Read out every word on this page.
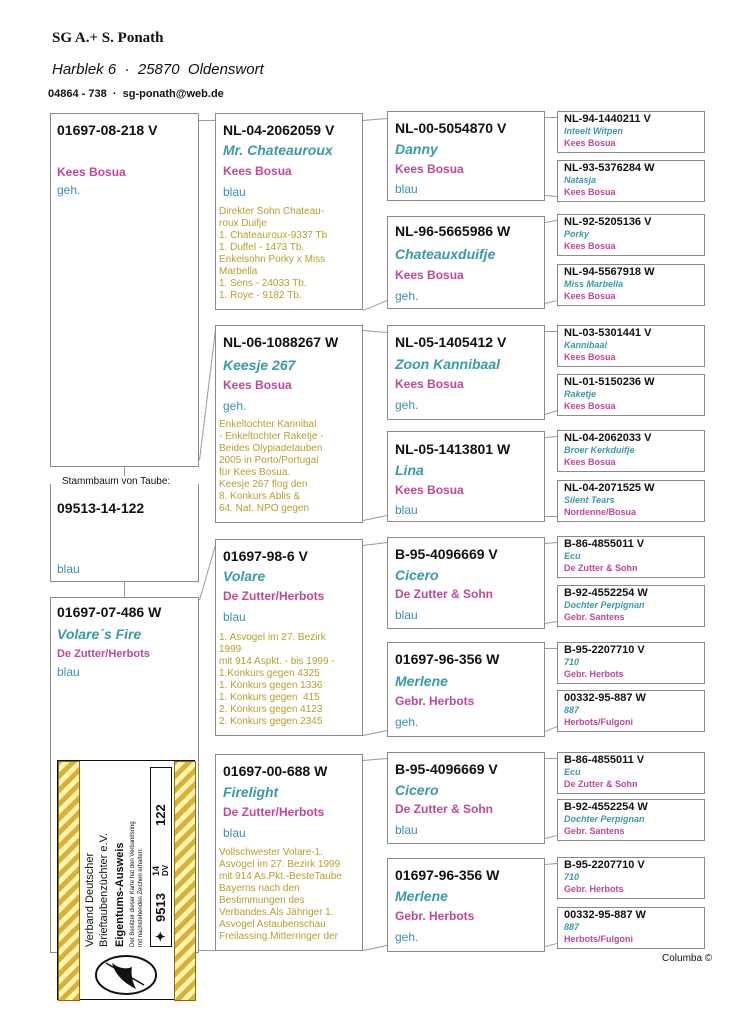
SG A.+ S. Ponath
Harblek 6  ·  25870  Oldenswort
04864 - 738  ·  sg-ponath@web.de
01697-08-218 V
Kees Bosua
geh.
Stammbaum von Taube:
09513-14-122
blau
01697-07-486 W
Volare´s Fire
De Zutter/Herbots
blau
Verband Deutscher Brieftaubenzüchter e.V. Eigentums-Ausweis Der Besitzer dieser Karte hat den Verbandsring mit nachstehenden Zeichen erhalten: ✦
9513
14 DV
122
NL-04-2062059 V
Mr. Chateauroux
Kees Bosua
blau
Direkter Sohn Chateau-
roux Duifje
1. Chateauroux-9337 Tb
1. Duffel - 1473 Tb.
Enkelsohn Porky x Miss
Marbella
1. Sens - 24033 Tb.
1. Roye - 9182 Tb.
NL-06-1088267 W
Keesje 267
Kees Bosua
geh.
Enkeltochter Kannibal
- Enkeltochter Raketje -
Beides Olypiadetauben
2005 in Porto/Portugal
für Kees Bosua.
Keesje 267 flog den
8. Konkurs Ablis &
64. Nat. NPO gegen
01697-98-6 V
Volare
De Zutter/Herbots
blau
1. Asvogel im 27. Bezirk
1999
mit 914 Aspkt. - bis 1999 -
1.Konkurs gegen 4325
1. Konkurs gegen 1336
1. Konkurs gegen  415
2. Konkurs gegen 4123
2. Konkurs gegen 2345
01697-00-688 W
Firelight
De Zutter/Herbots
blau
Vollschwester Volare-1.
Asvogel im 27. Bezirk 1999
mit 914 As.Pkt.-BesteTaube
Bayerns nach den
Bestimmungen des
Verbandes.Als Jähriger 1.
Asvogel Astaubenschau
Freilassing.Mitterringer der
NL-00-5054870 V
Danny
Kees Bosua
blau
NL-96-5665986 W
Chateauxduifje
Kees Bosua
geh.
NL-05-1405412 V
Zoon Kannibaal
Kees Bosua
geh.
NL-05-1413801 W
Lina
Kees Bosua
blau
B-95-4096669 V
Cicero
De Zutter & Sohn
blau
01697-96-356 W
Merlene
Gebr. Herbots
geh.
B-95-4096669 V
Cicero
De Zutter & Sohn
blau
01697-96-356 W
Merlene
Gebr. Herbots
geh.
NL-94-1440211 V
Inteelt Witpen
Kees Bosua
NL-93-5376284 W
Natasja
Kees Bosua
NL-92-5205136 V
Porky
Kees Bosua
NL-94-5567918 W
Miss Marbella
Kees Bosua
NL-03-5301441 V
Kannibaal
Kees Bosua
NL-01-5150236 W
Raketje
Kees Bosua
NL-04-2062033 V
Broer Kerkduifje
Kees Bosua
NL-04-2071525 W
Silent Tears
Nordenne/Bosua
B-86-4855011 V
Ecu
De Zutter & Sohn
B-92-4552254 W
Dochter Perpignan
Gebr. Santens
B-95-2207710 V
710
Gebr. Herbots
00332-95-887 W
887
Herbots/Fulgoni
B-86-4855011 V
Ecu
De Zutter & Sohn
B-92-4552254 W
Dochter Perpignan
Gebr. Santens
B-95-2207710 V
710
Gebr. Herbots
00332-95-887 W
887
Herbots/Fulgoni
Columba ©
